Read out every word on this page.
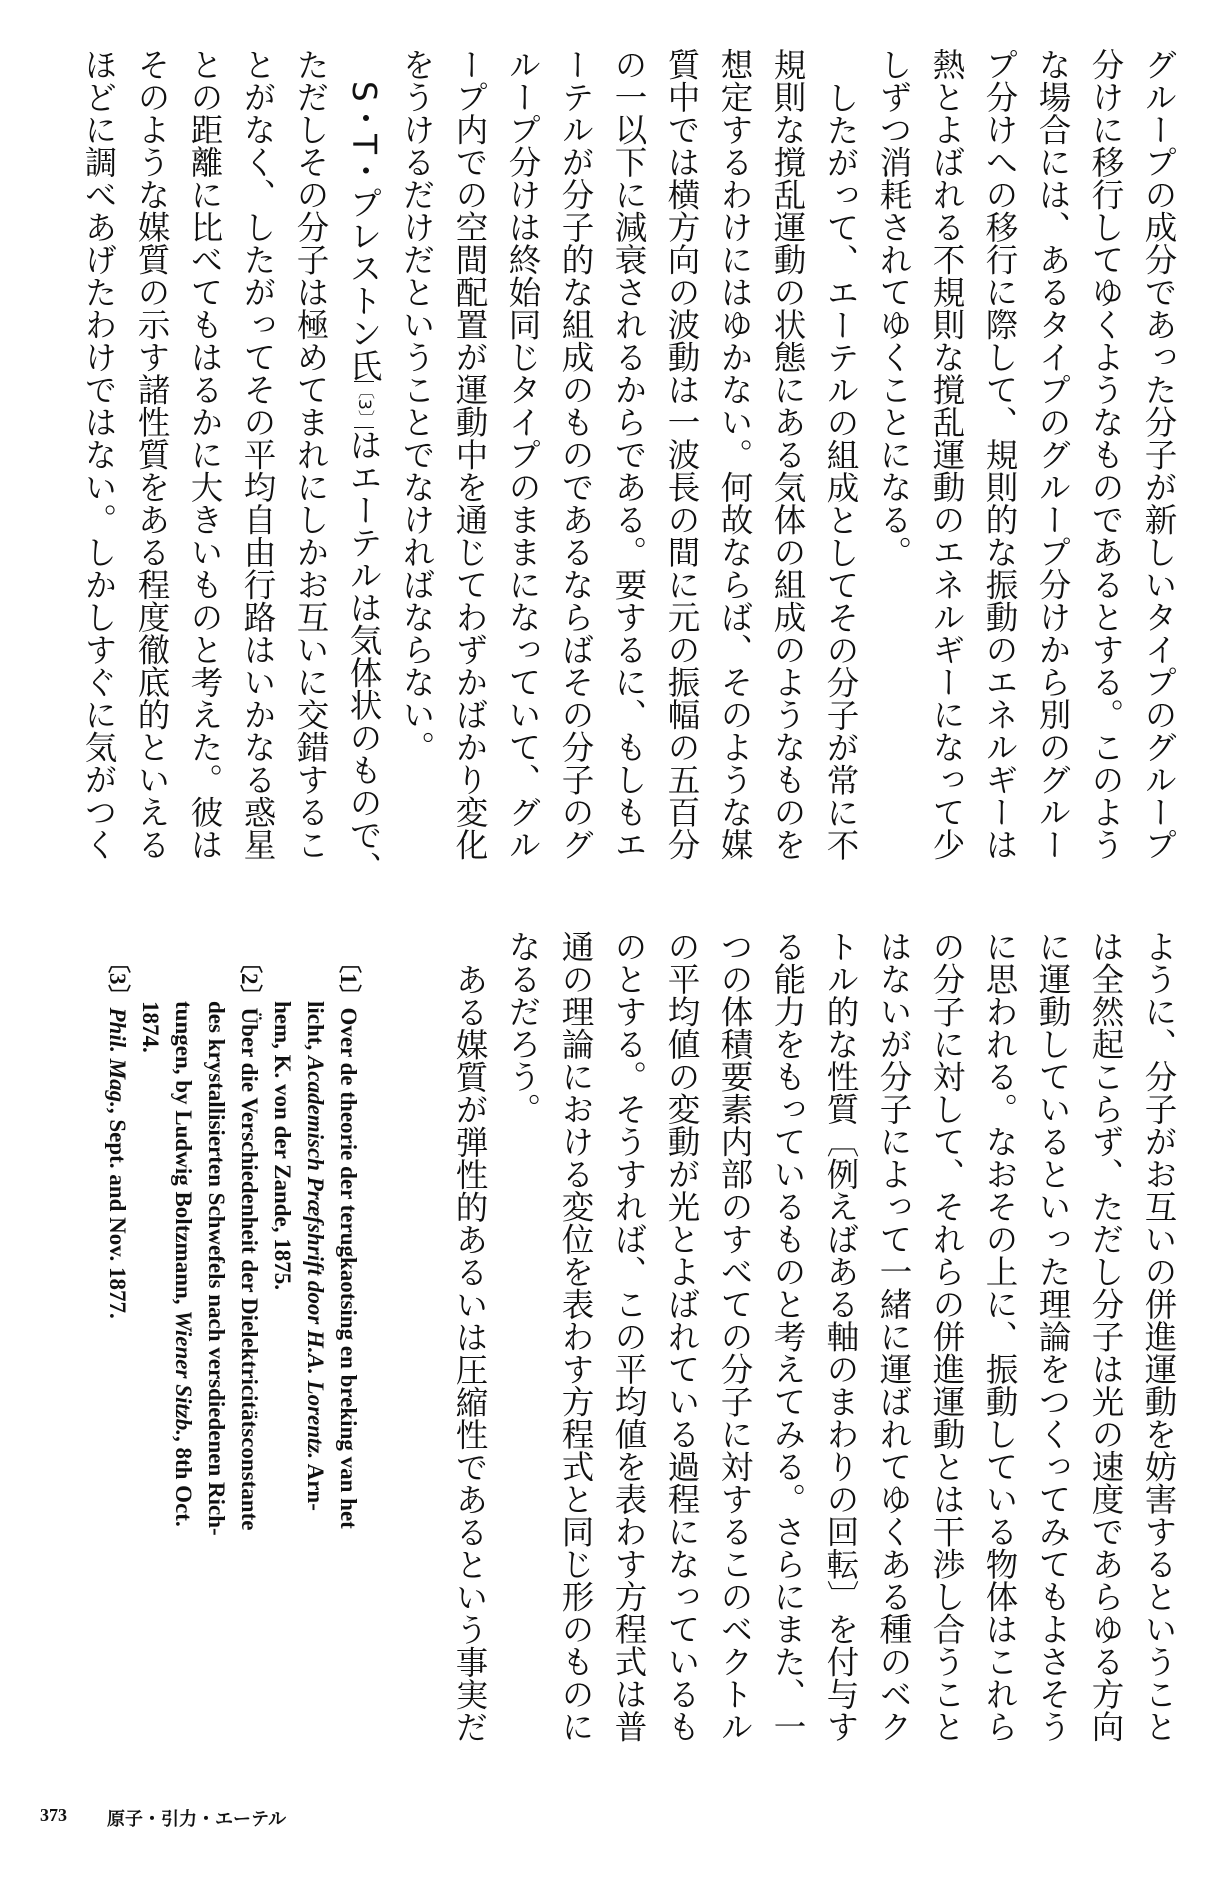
グループの成分であった分子が新しいタイプのグループ
分けに移行してゆくようなものであるとする。このよう
な場合には、あるタイプのグループ分けから別のグルー
プ分けへの移行に際して、規則的な振動のエネルギーは
熱とよばれる不規則な撹乱運動のエネルギーになって少
しずつ消耗されてゆくことになる。
したがって、エーテルの組成としてその分子が常に不
規則な撹乱運動の状態にある気体の組成のようなものを
想定するわけにはゆかない。何故ならば、そのような媒
質中では横方向の波動は一波長の間に元の振幅の五百分
の一以下に減衰されるからである。要するに、もしもエ
ーテルが分子的な組成のものであるならばその分子のグ
ループ分けは終始同じタイプのままになっていて、グル
ープ内での空間配置が運動中を通じてわずかばかり変化
をうけるだけだということでなければならない。
S・T・プレストン氏〔3〕はエーテルは気体状のもので、
ただしその分子は極めてまれにしかお互いに交錯するこ
とがなく、したがってその平均自由行路はいかなる惑星
との距離に比べてもはるかに大きいものと考えた。彼は
そのような媒質の示す諸性質をある程度徹底的といえる
ほどに調べあげたわけではない。しかしすぐに気がつく
ように、分子がお互いの併進運動を妨害するということ
は全然起こらず、ただし分子は光の速度であらゆる方向
に運動しているといった理論をつくってみてもよさそう
に思われる。なおその上に、振動している物体はこれら
の分子に対して、それらの併進運動とは干渉し合うこと
はないが分子によって一緒に運ばれてゆくある種のベク
トル的な性質〔例えばある軸のまわりの回転〕を付与す
る能力をもっているものと考えてみる。さらにまた、一
つの体積要素内部のすべての分子に対するこのベクトル
の平均値の変動が光とよばれている過程になっているも
のとする。そうすれば、この平均値を表わす方程式は普
通の理論における変位を表わす方程式と同じ形のものに
なるだろう。
ある媒質が弾性的あるいは圧縮性であるという事実だ
〔1〕Over de theorie der terugkaotsing en breking van het
licht, Academisch Præfshrift door H.A. Lorentz. Arn-
hem, K. von der Zande, 1875.
〔2〕Über die Verschiedenheit der Dielektricitätsconstante
des krystallisierten Schwefels nach versdiedenen Rich-
tungen, by Ludwig Boltzmann, Wiener Sitzb., 8th Oct.
1874.
〔3〕Phil. Mag., Sept. and Nov. 1877.
373 原子・引力・エーテル
